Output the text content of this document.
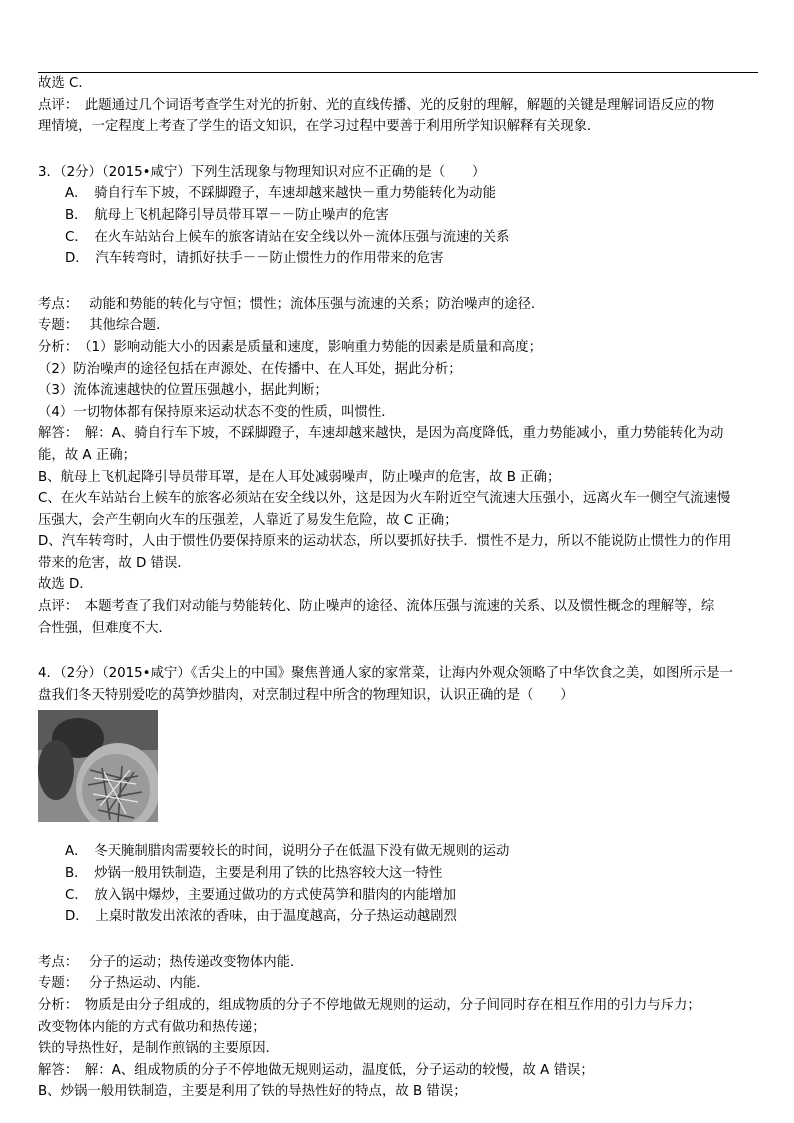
故选 C．
点评：　此题通过几个词语考查学生对光的折射、光的直线传播、光的反射的理解，解题的关键是理解词语反应的物
理情境，一定程度上考查了学生的语文知识，在学习过程中要善于利用所学知识解释有关现象．
3．（2分）（2015•咸宁）下列生活现象与物理知识对应不正确的是（　　）
A．　骑自行车下坡，不踩脚蹬子，车速却越来越快－重力势能转化为动能
B．　航母上飞机起降引导员带耳罩－－防止噪声的危害
C．　在火车站站台上候车的旅客请站在安全线以外－流体压强与流速的关系
D．　汽车转弯时，请抓好扶手－－防止惯性力的作用带来的危害
考点：　 动能和势能的转化与守恒；惯性；流体压强与流速的关系；防治噪声的途径．
专题：　 其他综合题．
分析：　（1）影响动能大小的因素是质量和速度，影响重力势能的因素是质量和高度；
（2）防治噪声的途径包括在声源处、在传播中、在人耳处，据此分析；
（3）流体流速越快的位置压强越小，据此判断；
（4）一切物体都有保持原来运动状态不变的性质，叫惯性．
解答：　解：A、骑自行车下坡，不踩脚蹬子，车速却越来越快，是因为高度降低，重力势能减小，重力势能转化为动
能，故 A 正确；
B、航母上飞机起降引导员带耳罩，是在人耳处减弱噪声，防止噪声的危害，故 B 正确；
C、在火车站站台上候车的旅客必须站在安全线以外，这是因为火车附近空气流速大压强小，远离火车一侧空气流速慢
压强大，会产生朝向火车的压强差，人靠近了易发生危险，故 C 正确；
D、汽车转弯时，人由于惯性仍要保持原来的运动状态，所以要抓好扶手．惯性不是力，所以不能说防止惯性力的作用
带来的危害，故 D 错误．
故选 D．
点评：　本题考查了我们对动能与势能转化、防止噪声的途径、流体压强与流速的关系、以及惯性概念的理解等，综
合性强，但难度不大．
4．（2分）（2015•咸宁）《舌尖上的中国》聚焦普通人家的家常菜，让海内外观众领略了中华饮食之美，如图所示是一
盘我们冬天特别爱吃的莴笋炒腊肉，对烹制过程中所含的物理知识，认识正确的是（　　）
A．　冬天腌制腊肉需要较长的时间，说明分子在低温下没有做无规则的运动
B．　炒锅一般用铁制造，主要是利用了铁的比热容较大这一特性
C．　放入锅中爆炒，主要通过做功的方式使莴笋和腊肉的内能增加
D．　上桌时散发出浓浓的香味，由于温度越高，分子热运动越剧烈
考点：　 分子的运动；热传递改变物体内能．
专题：　 分子热运动、内能．
分析：　物质是由分子组成的，组成物质的分子不停地做无规则的运动，分子间同时存在相互作用的引力与斥力；
改变物体内能的方式有做功和热传递；
铁的导热性好，是制作煎锅的主要原因．
解答：　解：A、组成物质的分子不停地做无规则运动，温度低，分子运动的较慢，故 A 错误；
B、炒锅一般用铁制造，主要是利用了铁的导热性好的特点，故 B 错误；
